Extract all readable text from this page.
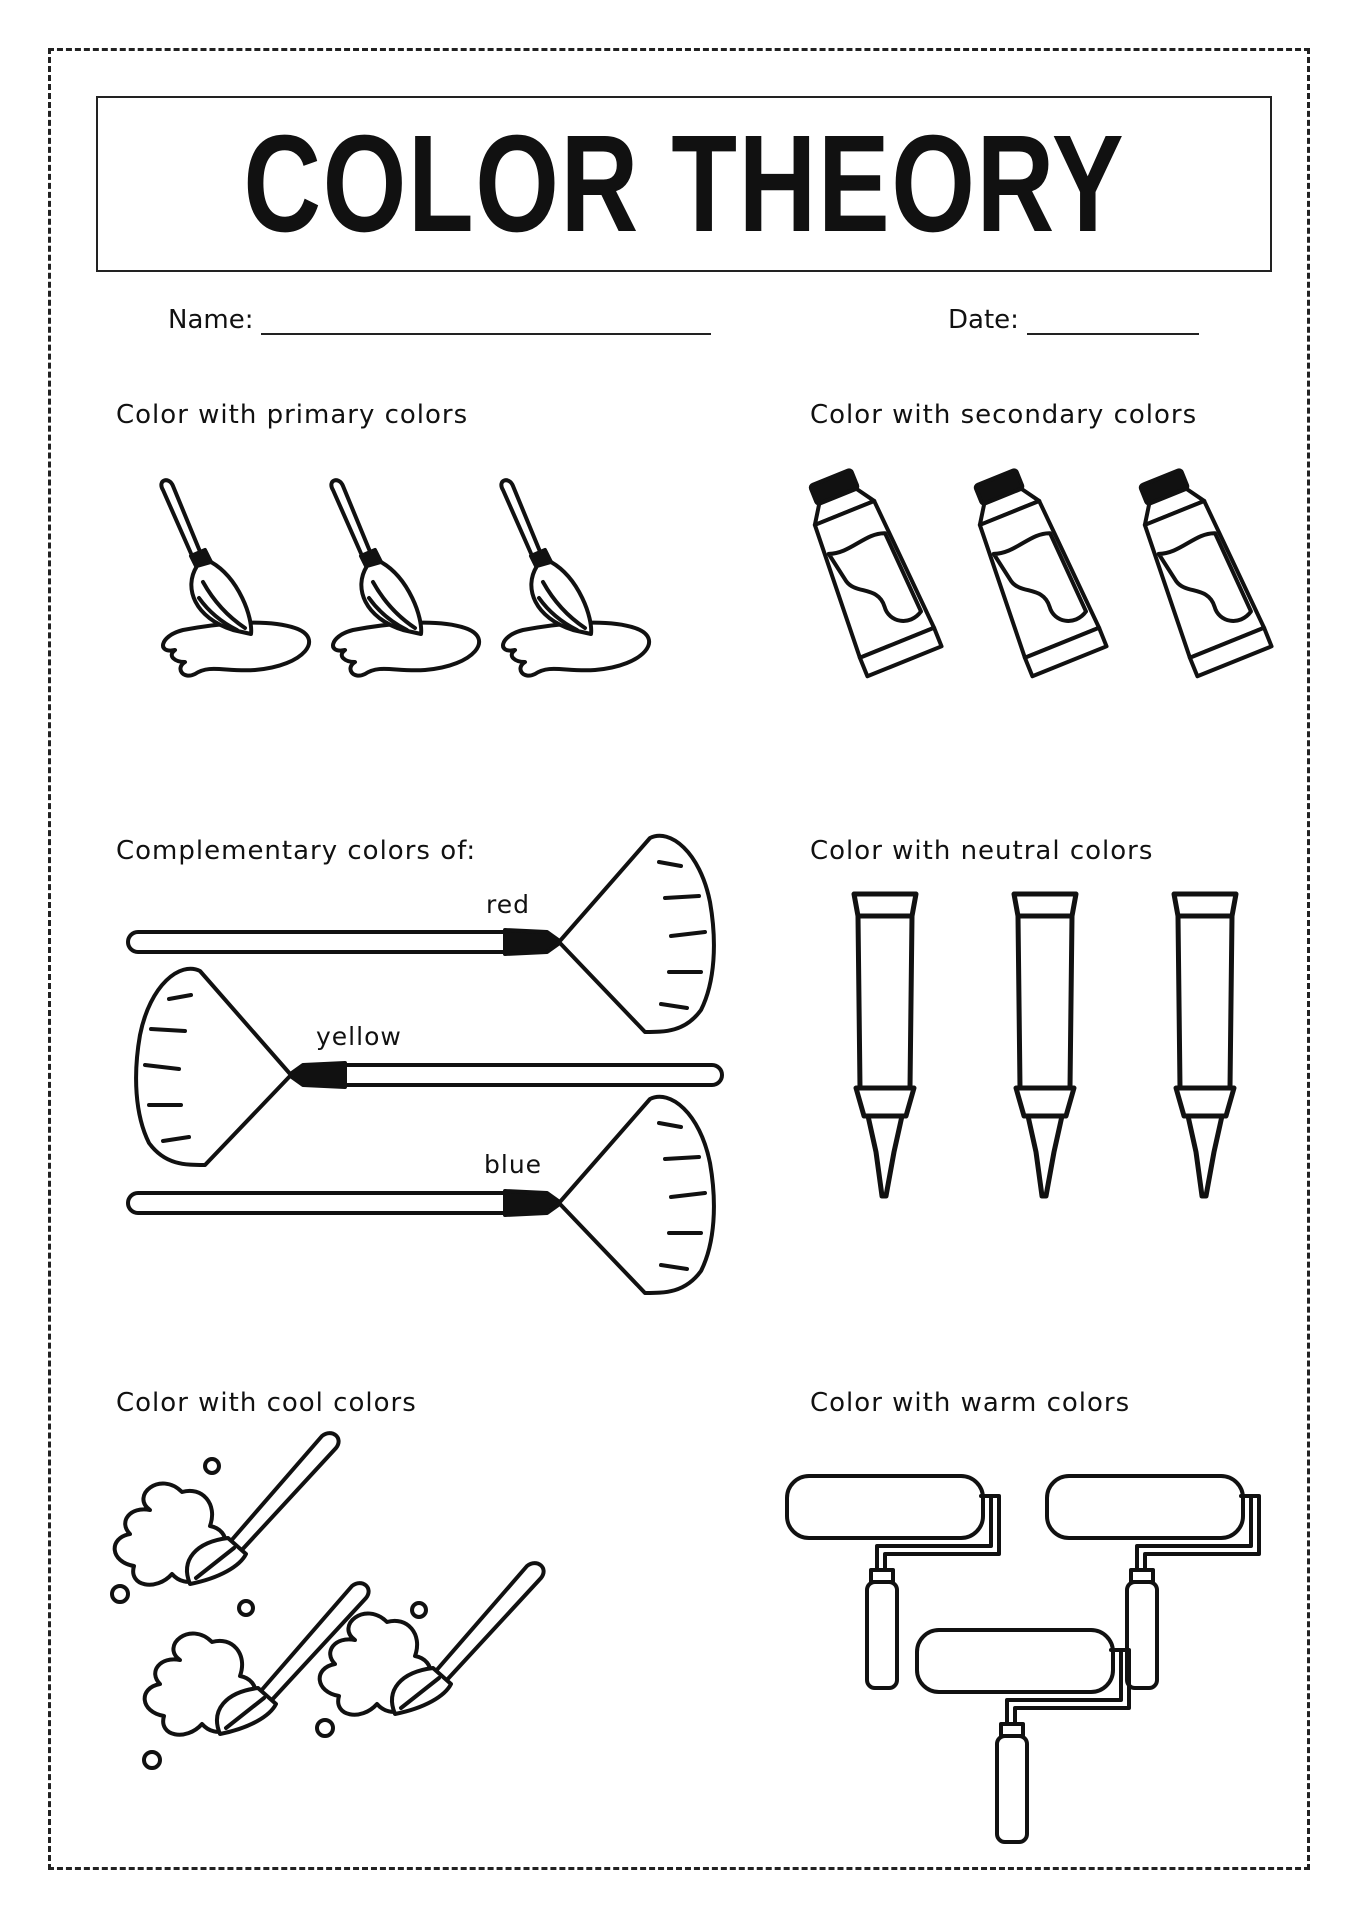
COLOR THEORY
Name:	Date:
Color with primary colors	Color with secondary colors
Complementary colors of:	Color with neutral colors
Color with cool colors	Color with warm colors
red
yellow
blue
